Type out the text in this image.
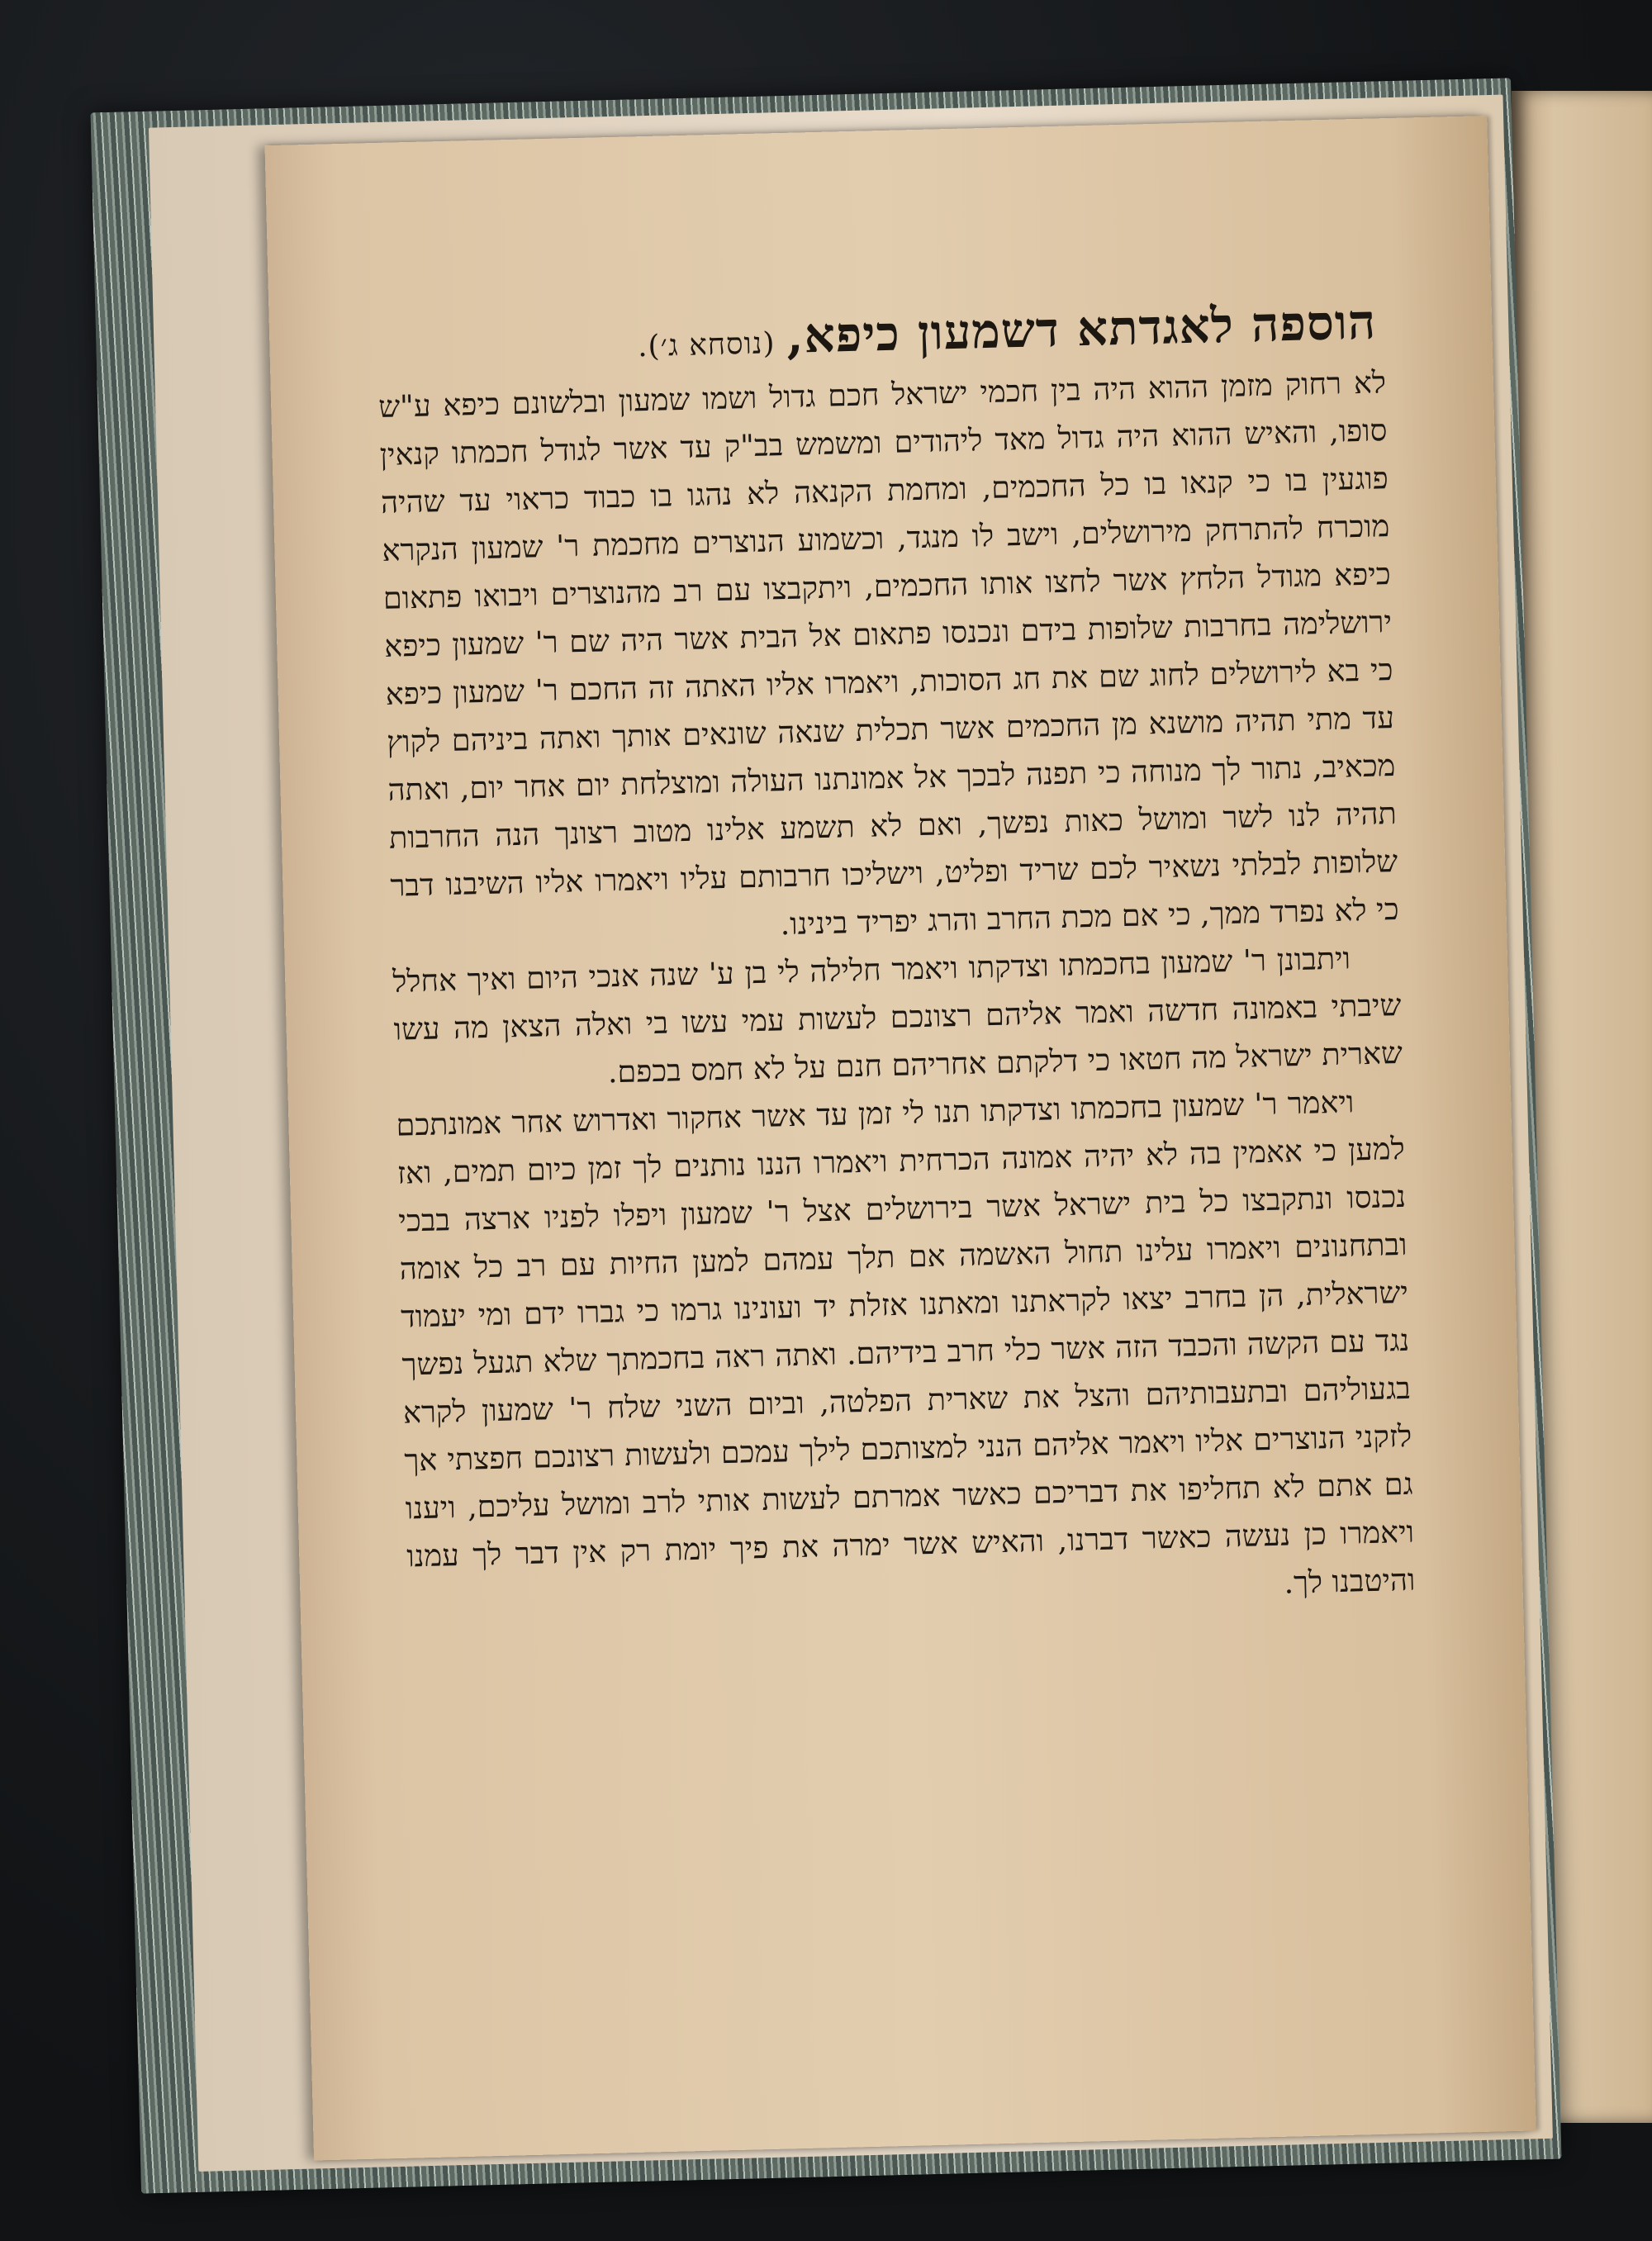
הוספה לאגדתא דשמעון כיפא,(נוסחא ג׳).

לא רחוק מזמן ההוא היה בין חכמי ישראל חכם גדול ושמו שמעון ובלשונם כיפא ע"ש סופו, והאיש ההוא היה גדול מאד ליהודים ומשמש בב"ק עד אשר לגודל חכמתו קנאין פוגעין בו כי קנאו בו כל החכמים, ומחמת הקנאה לא נהגו בו כבוד כראוי עד שהיה מוכרח להתרחק מירושלים, וישב לו מנגד, וכשמוע הנוצרים מחכמת ר' שמעון הנקרא כיפא מגודל הלחץ אשר לחצו אותו החכמים, ויתקבצו עם רב מהנוצרים ויבואו פתאום ירושלימה בחרבות שלופות בידם ונכנסו פתאום אל הבית אשר היה שם ר' שמעון כיפא כי בא לירושלים לחוג שם את חג הסוכות, ויאמרו אליו האתה זה החכם ר' שמעון כיפא עד מתי תהיה מושנא מן החכמים אשר תכלית שנאה שונאים אותך ואתה ביניהם לקוץ מכאיב, נתור לך מנוחה כי תפנה לבכך אל אמונתנו העולה ומוצלחת יום אחר יום, ואתה תהיה לנו לשר ומושל כאות נפשך, ואם לא תשמע אלינו מטוב רצונך הנה החרבות שלופות לבלתי נשאיר לכם שריד ופליט, וישליכו חרבותם עליו ויאמרו אליו השיבנו דבר כי לא נפרד ממך, כי אם מכת החרב והרג יפריד בינינו.

ויתבונן ר' שמעון בחכמתו וצדקתו ויאמר חלילה לי בן ע' שנה אנכי היום ואיך אחלל שיבתי באמונה חדשה ואמר אליהם רצונכם לעשות עמי עשו בי ואלה הצאן מה עשו שארית ישראל מה חטאו כי דלקתם אחריהם חנם על לא חמס בכפם.

ויאמר ר' שמעון בחכמתו וצדקתו תנו לי זמן עד אשר אחקור ואדרוש אחר אמונתכם למען כי אאמין בה לא יהיה אמונה הכרחית ויאמרו הננו נותנים לך זמן כיום תמים, ואז נכנסו ונתקבצו כל בית ישראל אשר בירושלים אצל ר' שמעון ויפלו לפניו ארצה בבכי ובתחנונים ויאמרו עלינו תחול האשמה אם תלך עמהם למען החיות עם רב כל אומה ישראלית, הן בחרב יצאו לקראתנו ומאתנו אזלת יד ועונינו גרמו כי גברו ידם ומי יעמוד נגד עם הקשה והכבד הזה אשר כלי חרב בידיהם. ואתה ראה בחכמתך שלא תגעל נפשך בגעוליהם ובתעבותיהם והצל את שארית הפלטה, וביום השני שלח ר' שמעון לקרא לזקני הנוצרים אליו ויאמר אליהם הנני למצותכם לילך עמכם ולעשות רצונכם חפצתי אך גם אתם לא תחליפו את דבריכם כאשר אמרתם לעשות אותי לרב ומושל עליכם, ויענו ויאמרו כן נעשה כאשר דברנו, והאיש אשר ימרה את פיך יומת רק אין דבר לך עמנו והיטבנו לך.
